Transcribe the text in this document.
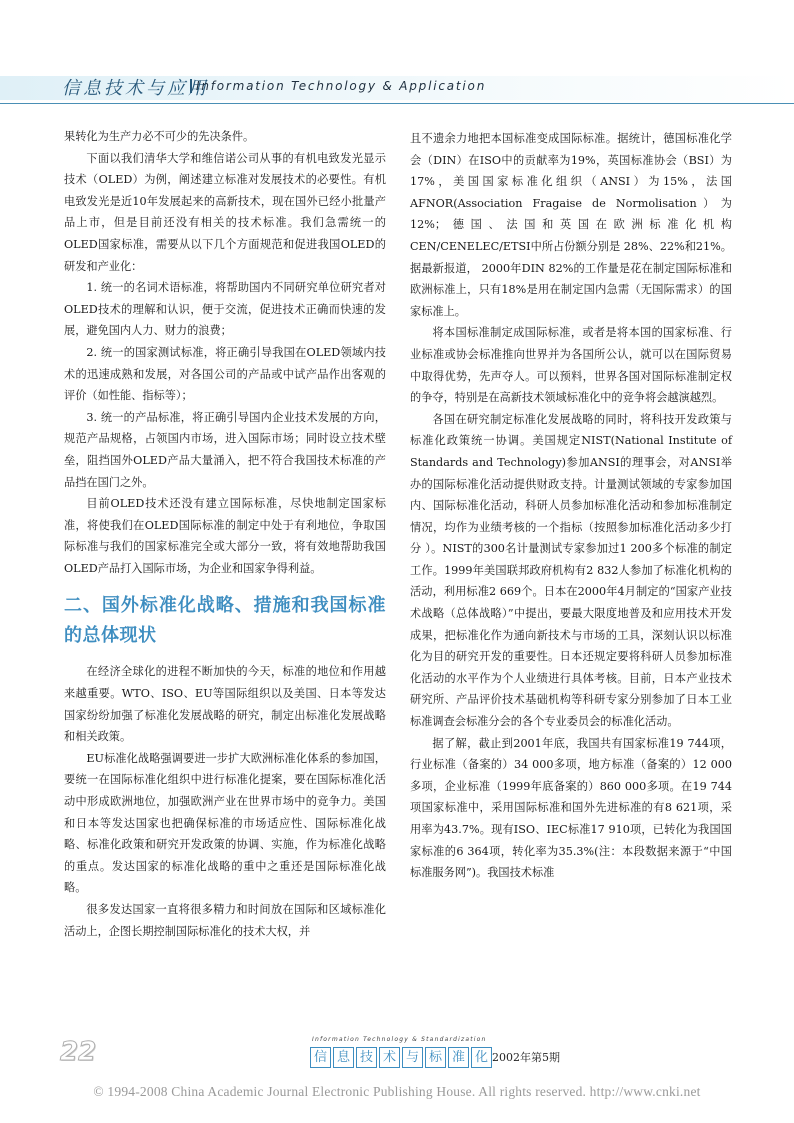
信息技术与应用
Information Technology & Application

果转化为生产力必不可少的先决条件。

下面以我们清华大学和维信诺公司从事的有机电致发光显示技术（OLED）为例，阐述建立标准对发展技术的必要性。有机电致发光是近10年发展起来的高新技术，现在国外已经小批量产品上市，但是目前还没有相关的技术标准。我们急需统一的OLED国家标准，需要从以下几个方面规范和促进我国OLED的研发和产业化：

1. 统一的名词术语标准，将帮助国内不同研究单位研究者对OLED技术的理解和认识，便于交流，促进技术正确而快速的发展，避免国内人力、财力的浪费；

2. 统一的国家测试标准，将正确引导我国在OLED领域内技术的迅速成熟和发展，对各国公司的产品或中试产品作出客观的评价（如性能、指标等）；

3. 统一的产品标准，将正确引导国内企业技术发展的方向，规范产品规格，占领国内市场，进入国际市场；同时设立技术壁垒，阻挡国外OLED产品大量涌入，把不符合我国技术标准的产品挡在国门之外。

目前OLED技术还没有建立国际标准，尽快地制定国家标准，将使我们在OLED国际标准的制定中处于有利地位，争取国际标准与我们的国家标准完全或大部分一致，将有效地帮助我国OLED产品打入国际市场，为企业和国家争得利益。

二、国外标准化战略、措施和我国标准的总体现状

在经济全球化的进程不断加快的今天，标准的地位和作用越来越重要。WTO、ISO、EU等国际组织以及美国、日本等发达国家纷纷加强了标准化发展战略的研究，制定出标准化发展战略和相关政策。

EU标准化战略强调要进一步扩大欧洲标准化体系的参加国，要统一在国际标准化组织中进行标准化提案，要在国际标准化活动中形成欧洲地位，加强欧洲产业在世界市场中的竞争力。美国和日本等发达国家也把确保标准的市场适应性、国际标准化战略、标准化政策和研究开发政策的协调、实施，作为标准化战略的重点。发达国家的标准化战略的重中之重还是国际标准化战略。

很多发达国家一直将很多精力和时间放在国际和区域标准化活动上，企图长期控制国际标准化的技术大权，并

且不遗余力地把本国标准变成国际标准。据统计，德国标准化学会（DIN）在ISO中的贡献率为19%，英国标准协会（BSI）为17%，美国国家标准化组织（ANSI）为15%，法国AFNOR(Association Fragaise de Normolisation）为12%；德国、法国和英国在欧洲标准化机构CEN/CENELEC/ETSI中所占份额分别是 28%、22%和21%。据最新报道， 2000年DIN 82%的工作量是花在制定国际标准和欧洲标准上，只有18%是用在制定国内急需（无国际需求）的国家标准上。

将本国标准制定成国际标准，或者是将本国的国家标准、行业标准或协会标准推向世界并为各国所公认，就可以在国际贸易中取得优势，先声夺人。可以预料，世界各国对国际标准制定权的争夺，特别是在高新技术领域标准化中的竞争将会越演越烈。

各国在研究制定标准化发展战略的同时，将科技开发政策与标准化政策统一协调。美国规定NIST(National Institute of Standards and Technology)参加ANSI的理事会，对ANSI举办的国际标准化活动提供财政支持。计量测试领域的专家参加国内、国际标准化活动，科研人员参加标准化活动和参加标准制定情况，均作为业绩考核的一个指标（按照参加标准化活动多少打分 ）。NIST的300名计量测试专家参加过1 200多个标准的制定工作。1999年美国联邦政府机构有2 832人参加了标准化机构的活动，利用标准2 669个。日本在2000年4月制定的“国家产业技术战略（总体战略）”中提出，要最大限度地普及和应用技术开发成果，把标准化作为通向新技术与市场的工具，深刻认识以标准化为目的研究开发的重要性。日本还规定要将科研人员参加标准化活动的水平作为个人业绩进行具体考核。目前，日本产业技术研究所、产品评价技术基础机构等科研专家分别参加了日本工业标准调查会标准分会的各个专业委员会的标准化活动。

据了解，截止到2001年底，我国共有国家标准19 744项，行业标准（备案的）34 000多项，地方标准（备案的）12 000多项，企业标准（1999年底备案的）860 000多项。在19 744项国家标准中，采用国际标准和国外先进标准的有8 621项，采用率为43.7%。现有ISO、IEC标准17 910项，已转化为我国国家标准的6 364项，转化率为35.3%(注：本段数据来源于“中国标准服务网”)。我国技术标准

22	Information Technology & Standardization
信 息 技 术 与 标 准 化 2002年第5期
© 1994-2008 China Academic Journal Electronic Publishing House. All rights reserved. http://www.cnki.net
